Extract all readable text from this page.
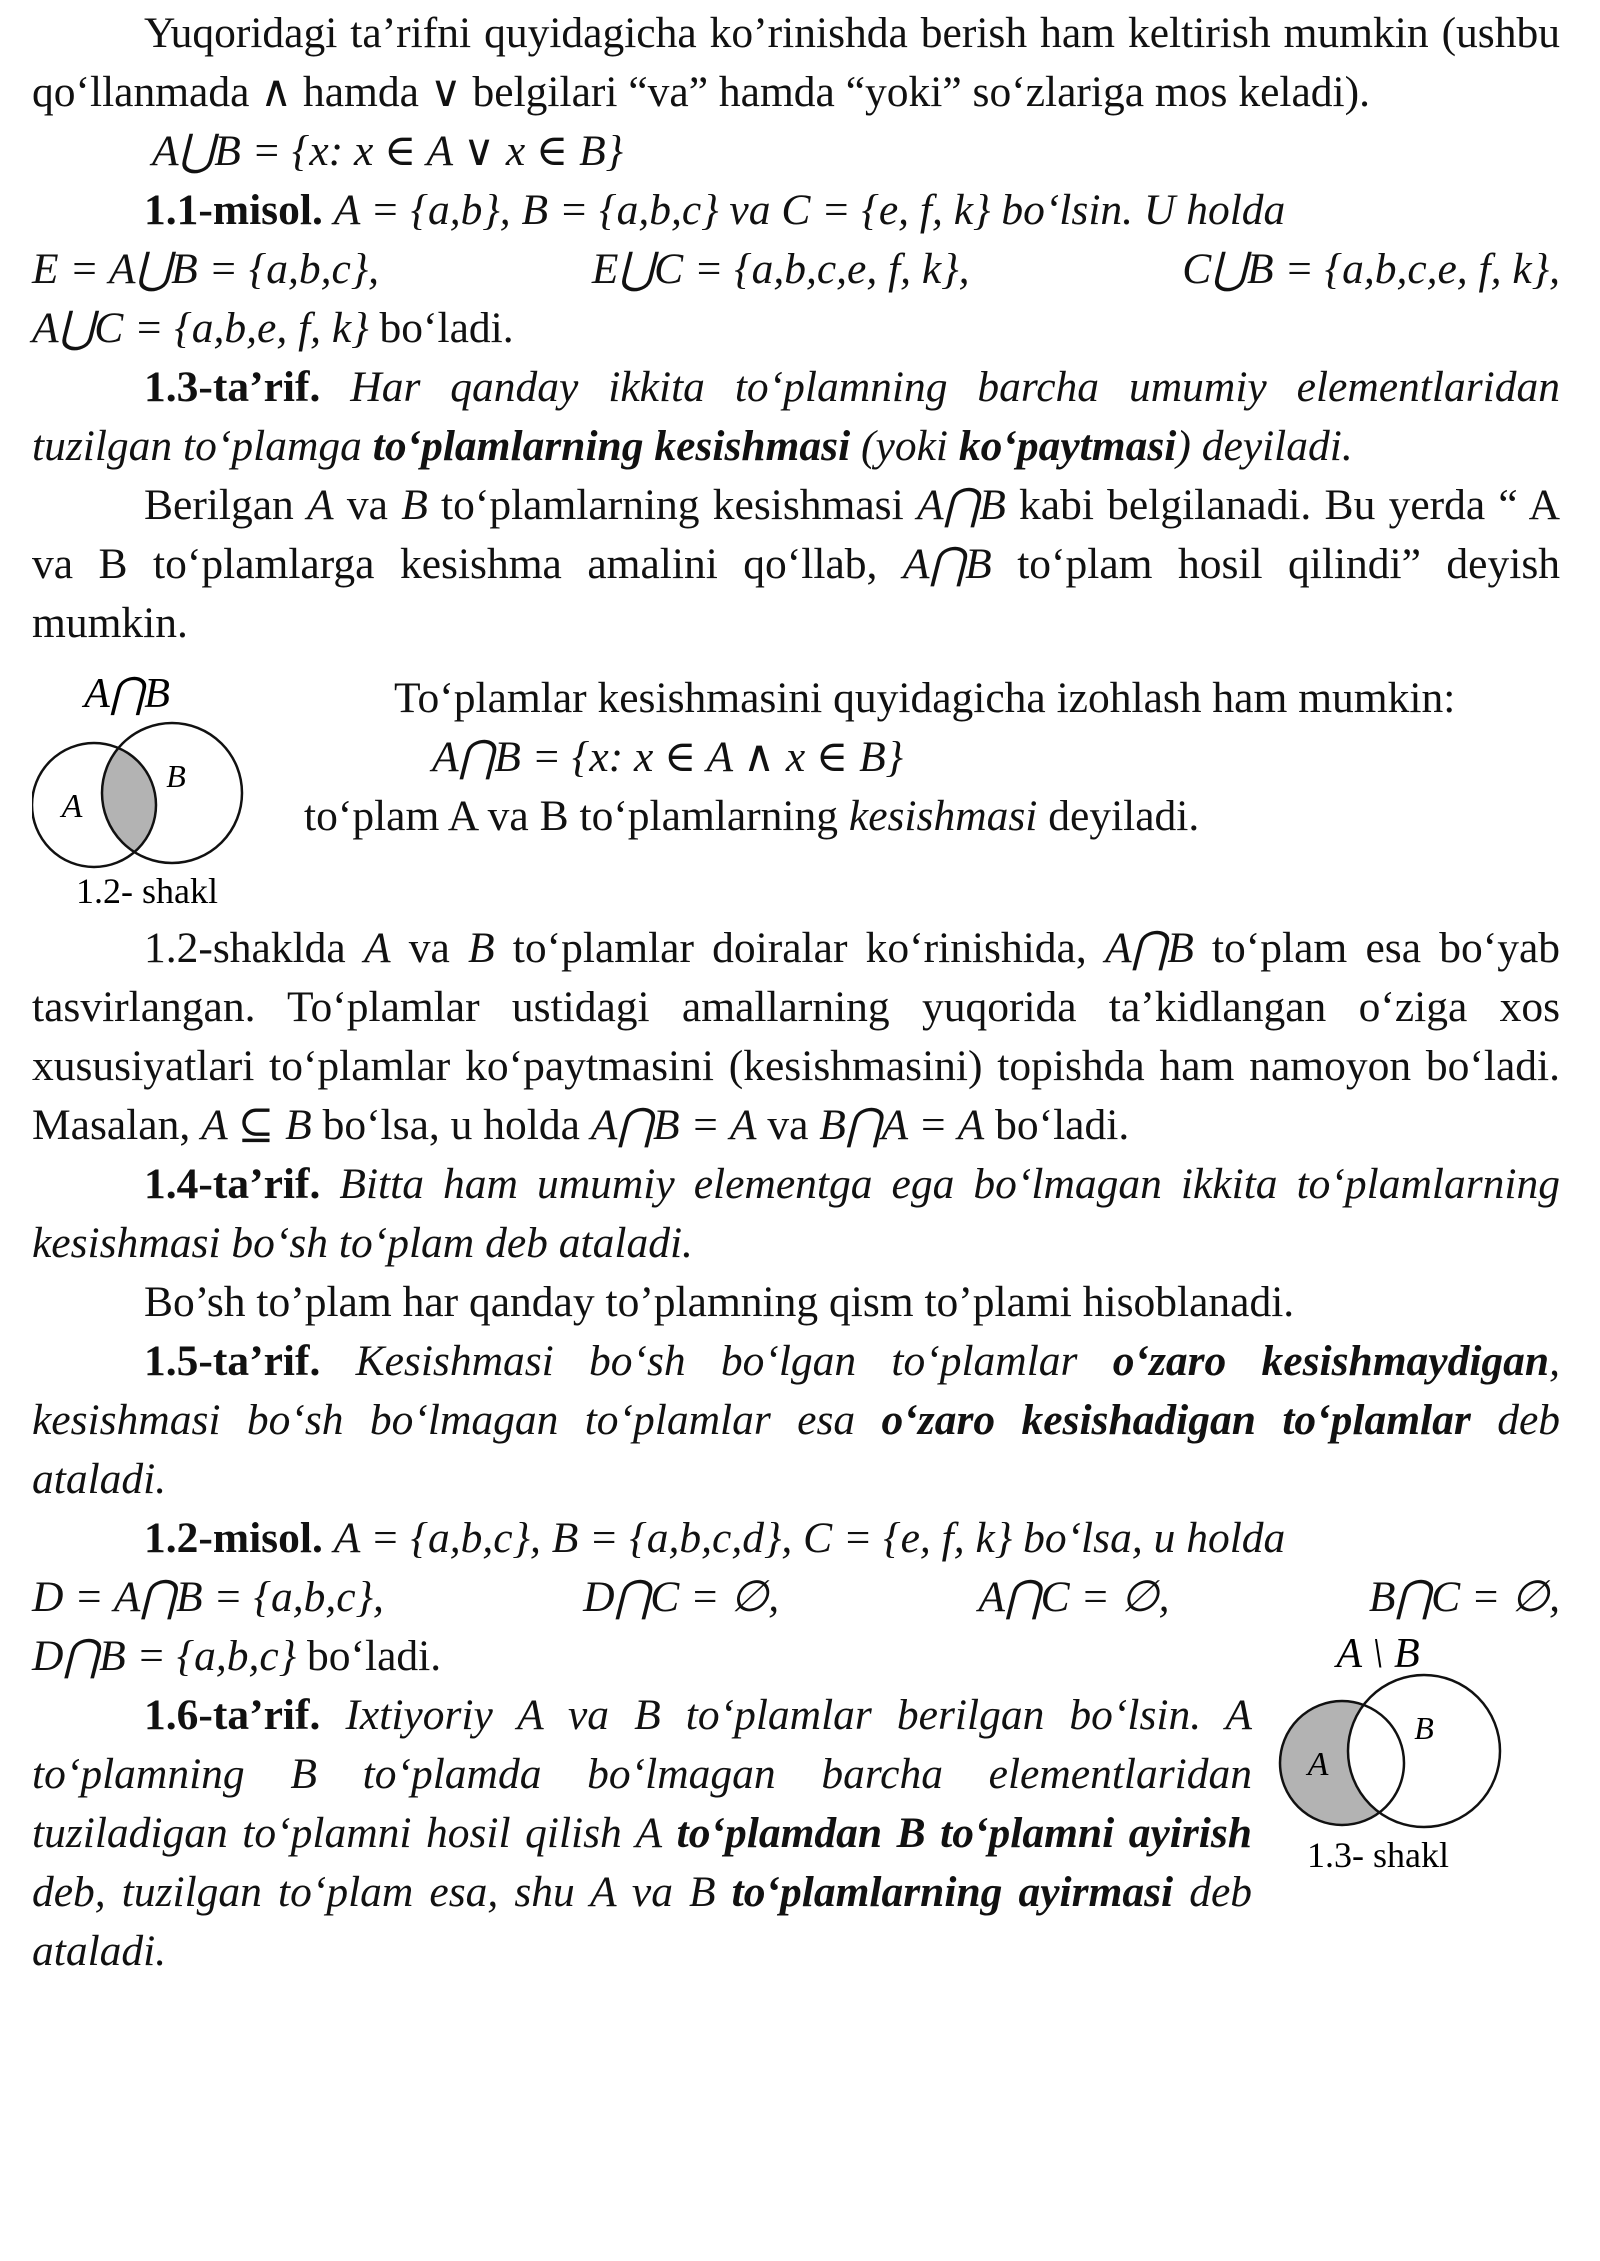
Yuqoridagi ta’rifni quyidagicha ko’rinishda berish ham keltirish mumkin (ushbu qo‘llanmada ∧ hamda ∨ belgilari “va” hamda “yoki” so‘zlariga mos keladi).

A⋃B = {x: x ∈ A ∨ x ∈ B}

1.1-misol. A = {a,b}, B = {a,b,c} va C = {e, f, k} bo‘lsin. U holda

E = A⋃B = {a,b,c},	E⋃C = {a,b,c,e, f, k},	C⋃B = {a,b,c,e, f, k},

A⋃C = {a,b,e, f, k} bo‘ladi.

1.3-ta’rif. Har qanday ikkita to‘plamning barcha umumiy elementlaridan tuzilgan to‘plamga to‘plamlarning kesishmasi (yoki ko‘paytmasi) deyiladi.

Berilgan A va B to‘plamlarning kesishmasi A⋂B kabi belgilanadi. Bu yerda “ A va B to‘plamlarga kesishma amalini qo‘llab, A⋂B to‘plam hosil qilindi” deyish mumkin.

A⋂B
A
B
1.2- shakl

To‘plamlar kesishmasini quyidagicha izohlash ham mumkin:

A⋂B = {x: x ∈ A ∧ x ∈ B}

to‘plam A va B to‘plamlarning kesishmasi deyiladi.

1.2-shaklda A va B to‘plamlar doiralar ko‘rinishida, A⋂B to‘plam esa bo‘yab tasvirlangan. To‘plamlar ustidagi amallarning yuqorida ta’kidlangan o‘ziga xos xususiyatlari to‘plamlar ko‘paytmasini (kesishmasini) topishda ham namoyon bo‘ladi. Masalan, A ⊆ B bo‘lsa, u holda A⋂B = A va B⋂A = A bo‘ladi.

1.4-ta’rif. Bitta ham umumiy elementga ega bo‘lmagan ikkita to‘plamlarning kesishmasi bo‘sh to‘plam deb ataladi.

Bo’sh to’plam har qanday to’plamning qism to’plami hisoblanadi.

1.5-ta’rif. Kesishmasi bo‘sh bo‘lgan to‘plamlar o‘zaro kesishmaydigan, kesishmasi bo‘sh bo‘lmagan to‘plamlar esa o‘zaro kesishadigan to‘plamlar deb ataladi.

1.2-misol. A = {a,b,c}, B = {a,b,c,d}, C = {e, f, k} bo‘lsa, u holda

D = A⋂B = {a,b,c},	D⋂C = ∅,	A⋂C = ∅,	B⋂C = ∅,
A \ B
A
B
1.3- shakl

D⋂B = {a,b,c} bo‘ladi.

1.6-ta’rif. Ixtiyoriy A va B to‘plamlar berilgan bo‘lsin. A to‘plamning B to‘plamda bo‘lmagan barcha elementlaridan tuziladigan to‘plamni hosil qilish A to‘plamdan B to‘plamni ayirish deb, tuzilgan to‘plam esa, shu A va B to‘plamlarning ayirmasi deb ataladi.
